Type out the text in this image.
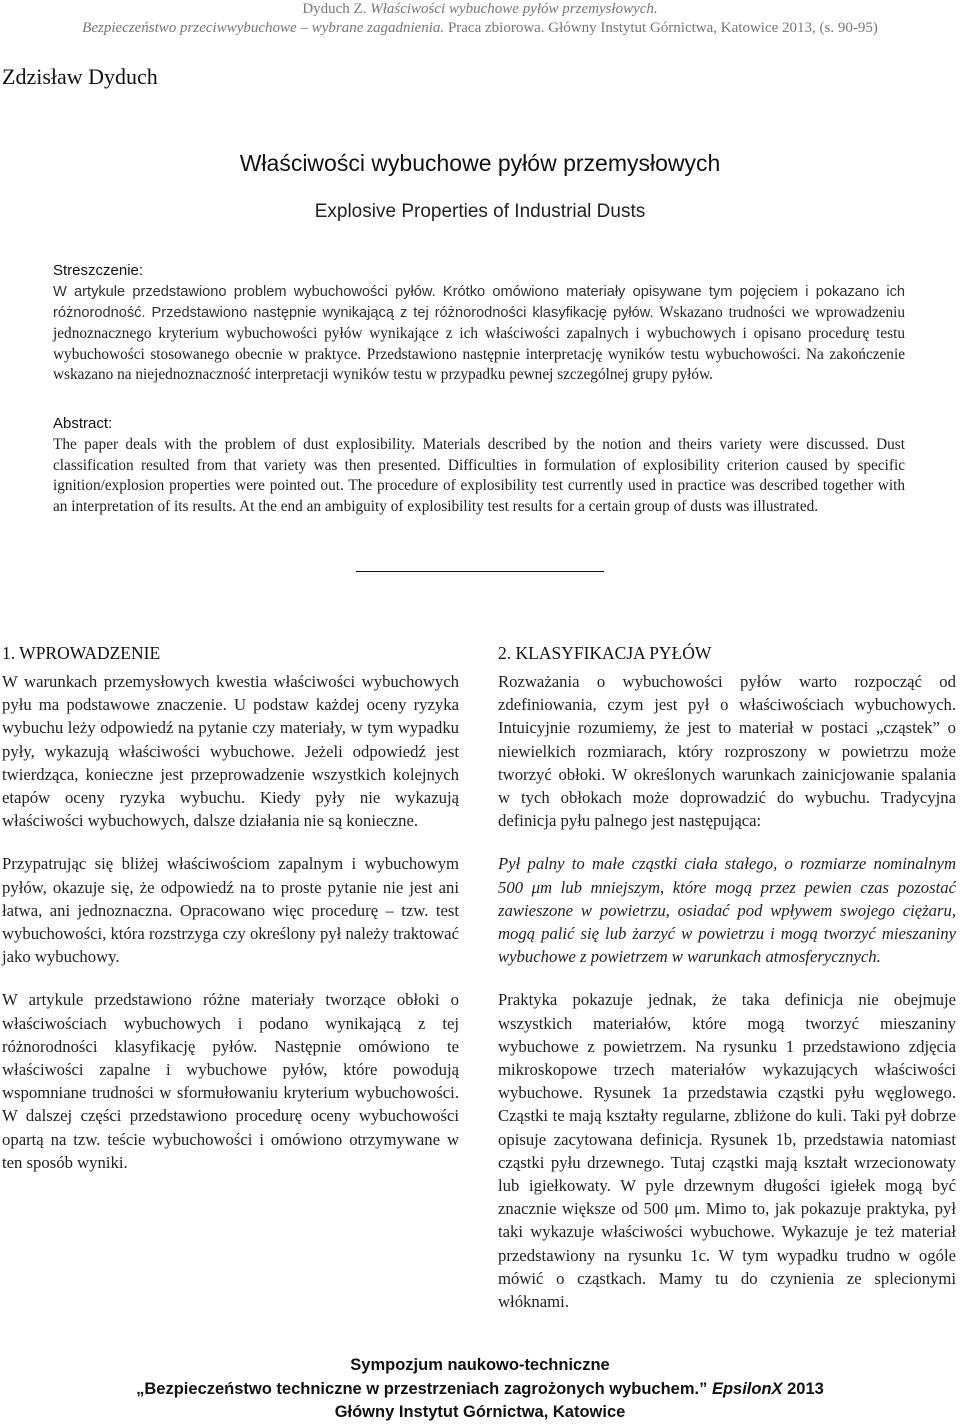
Dyduch Z. Właściwości wybuchowe pyłów przemysłowych.
Bezpieczeństwo przeciwwybuchowe – wybrane zagadnienia. Praca zbiorowa. Główny Instytut Górnictwa, Katowice 2013, (s. 90-95)
Zdzisław Dyduch
Właściwości wybuchowe pyłów przemysłowych
Explosive Properties of Industrial Dusts
Streszczenie:
W artykule przedstawiono problem wybuchowości pyłów. Krótko omówiono materiały opisywane tym pojęciem i pokazano ich różnorodność. Przedstawiono następnie wynikającą z tej różnorodności klasyfikację pyłów. Wskazano trudności we wprowadzeniu jednoznacznego kryterium wybuchowości pyłów wynikające z ich właściwości zapalnych i wybuchowych i opisano procedurę testu wybuchowości stosowanego obecnie w praktyce. Przedstawiono następnie interpretację wyników testu wybuchowości. Na zakończenie wskazano na niejednoznaczność interpretacji wyników testu w przypadku pewnej szczególnej grupy pyłów.
Abstract:
The paper deals with the problem of dust explosibility. Materials described by the notion and theirs variety were discussed. Dust classification resulted from that variety was then presented. Difficulties in formulation of explosibility criterion caused by specific ignition/explosion properties were pointed out. The procedure of explosibility test currently used in practice was described together with an interpretation of its results. At the end an ambiguity of explosibility test results for a certain group of dusts was illustrated.
1. WPROWADZENIE

W warunkach przemysłowych kwestia właściwości wybuchowych pyłu ma podstawowe znaczenie. U podstaw każdej oceny ryzyka wybuchu leży odpowiedź na pytanie czy materiały, w tym wypadku pyły, wykazują właściwości wybuchowe. Jeżeli odpowiedź jest twierdząca, konieczne jest przeprowadzenie wszystkich kolejnych etapów oceny ryzyka wybuchu. Kiedy pyły nie wykazują właściwości wybuchowych, dalsze działania nie są konieczne.

Przypatrując się bliżej właściwościom zapalnym i wybuchowym pyłów, okazuje się, że odpowiedź na to proste pytanie nie jest ani łatwa, ani jednoznaczna. Opracowano więc procedurę – tzw. test wybuchowości, która rozstrzyga czy określony pył należy traktować jako wybuchowy.

W artykule przedstawiono różne materiały tworzące obłoki o właściwościach wybuchowych i podano wynikającą z tej różnorodności klasyfikację pyłów. Następnie omówiono te właściwości zapalne i wybuchowe pyłów, które powodują wspomniane trudności w sformułowaniu kryterium wybuchowości. W dalszej części przedstawiono procedurę oceny wybuchowości opartą na tzw. teście wybuchowości i omówiono otrzymywane w ten sposób wyniki.

2. KLASYFIKACJA PYŁÓW

Rozważania o wybuchowości pyłów warto rozpocząć od zdefiniowania, czym jest pył o właściwościach wybuchowych. Intuicyjnie rozumiemy, że jest to materiał w postaci „cząstek” o niewielkich rozmiarach, który rozproszony w powietrzu może tworzyć obłoki. W określonych warunkach zainicjowanie spalania w tych obłokach może doprowadzić do wybuchu. Tradycyjna definicja pyłu palnego jest następująca:

Pył palny to małe cząstki ciała stałego, o rozmiarze nominalnym 500 μm lub mniejszym, które mogą przez pewien czas pozostać zawieszone w powietrzu, osiadać pod wpływem swojego ciężaru, mogą palić się lub żarzyć w powietrzu i mogą tworzyć mieszaniny wybuchowe z powietrzem w warunkach atmosferycznych.

Praktyka pokazuje jednak, że taka definicja nie obejmuje wszystkich materiałów, które mogą tworzyć mieszaniny wybuchowe z powietrzem. Na rysunku 1 przedstawiono zdjęcia mikroskopowe trzech materiałów wykazujących właściwości wybuchowe. Rysunek 1a przedstawia cząstki pyłu węglowego. Cząstki te mają kształty regularne, zbliżone do kuli. Taki pył dobrze opisuje zacytowana definicja. Rysunek 1b, przedstawia natomiast cząstki pyłu drzewnego. Tutaj cząstki mają kształt wrzecionowaty lub igiełkowaty. W pyle drzewnym długości igiełek mogą być znacznie większe od 500 μm. Mimo to, jak pokazuje praktyka, pył taki wykazuje właściwości wybuchowe. Wykazuje je też materiał przedstawiony na rysunku 1c. W tym wypadku trudno w ogóle mówić o cząstkach. Mamy tu do czynienia ze splecionymi włóknami.

Sympozjum naukowo-techniczne
„Bezpieczeństwo techniczne w przestrzeniach zagrożonych wybuchem.” EpsilonX 2013
Główny Instytut Górnictwa, Katowice
